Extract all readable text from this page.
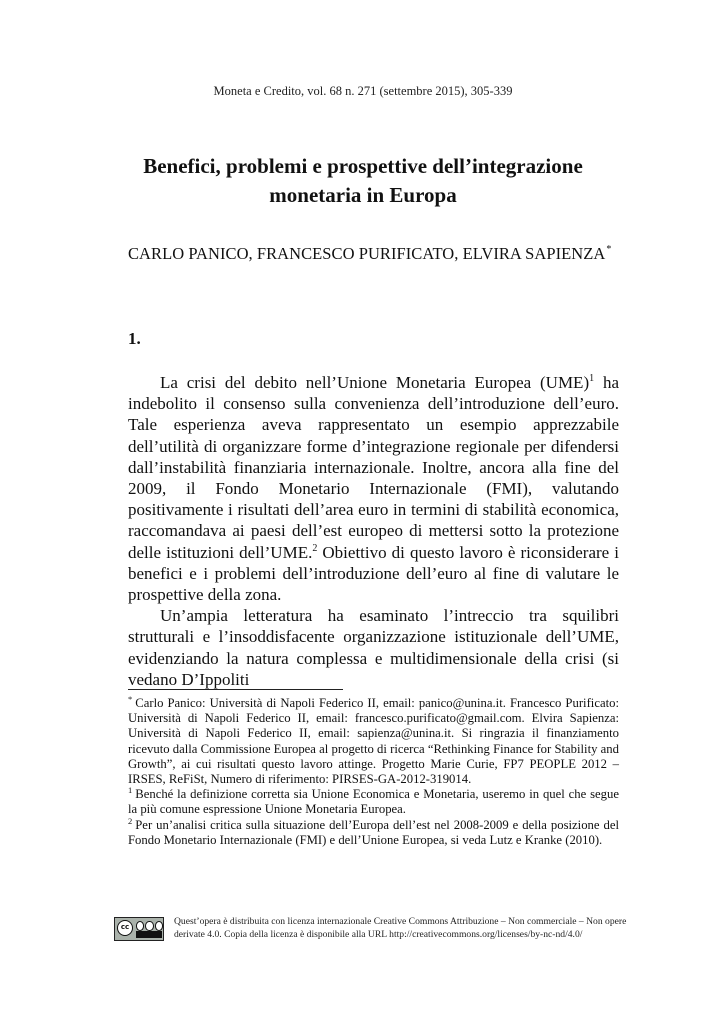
Moneta e Credito, vol. 68 n. 271 (settembre 2015), 305-339
Benefici, problemi e prospettive dell’integrazione
monetaria in Europa
CARLO PANICO, FRANCESCO PURIFICATO, ELVIRA SAPIENZA*
1.

La crisi del debito nell’Unione Monetaria Europea (UME)$^1$ ha indebolito il consenso sulla convenienza dell’introduzione dell’euro. Tale esperienza aveva rappresentato un esempio apprezzabile dell’utilità di organizzare forme d’integrazione regionale per difendersi dall’instabilità finanziaria internazionale. Inoltre, ancora alla fine del 2009, il Fondo Monetario Internazionale (FMI), valutando positivamente i risultati dell’area euro in termini di stabilità economica, raccomandava ai paesi dell’est europeo di mettersi sotto la protezione delle istituzioni dell’UME.$^2$ Obiettivo di questo lavoro è riconsiderare i benefici e i problemi dell’introduzione dell’euro al fine di valutare le prospettive della zona.

Un’ampia letteratura ha esaminato l’intreccio tra squilibri strutturali e l’insoddisfacente organizzazione istituzionale dell’UME, evidenziando la natura complessa e multidimensionale della crisi (si vedano D’Ippoliti

* Carlo Panico: Università di Napoli Federico II, email: panico@unina.it. Francesco Purificato: Università di Napoli Federico II, email: francesco.purificato@gmail.com. Elvira Sapienza: Università di Napoli Federico II, email: sapienza@unina.it. Si ringrazia il finanziamento ricevuto dalla Commissione Europea al progetto di ricerca “Rethinking Finance for Stability and Growth”, ai cui risultati questo lavoro attinge. Progetto Marie Curie, FP7 PEOPLE 2012 – IRSES, ReFiSt, Numero di riferimento: PIRSES-GA-2012-319014.

$^1$ Benché la definizione corretta sia Unione Economica e Monetaria, useremo in quel che segue la più comune espressione Unione Monetaria Europea.

$^2$ Per un’analisi critica sulla situazione dell’Europa dell’est nel 2008-2009 e della posizione del Fondo Monetario Internazionale (FMI) e dell’Unione Europea, si veda Lutz e Kranke (2010).

cc	Quest’opera è distribuita con licenza internazionale Creative Commons Attribuzione – Non commerciale – Non opere
derivate 4.0. Copia della licenza è disponibile alla URL http://creativecommons.org/licenses/by-nc-nd/4.0/
